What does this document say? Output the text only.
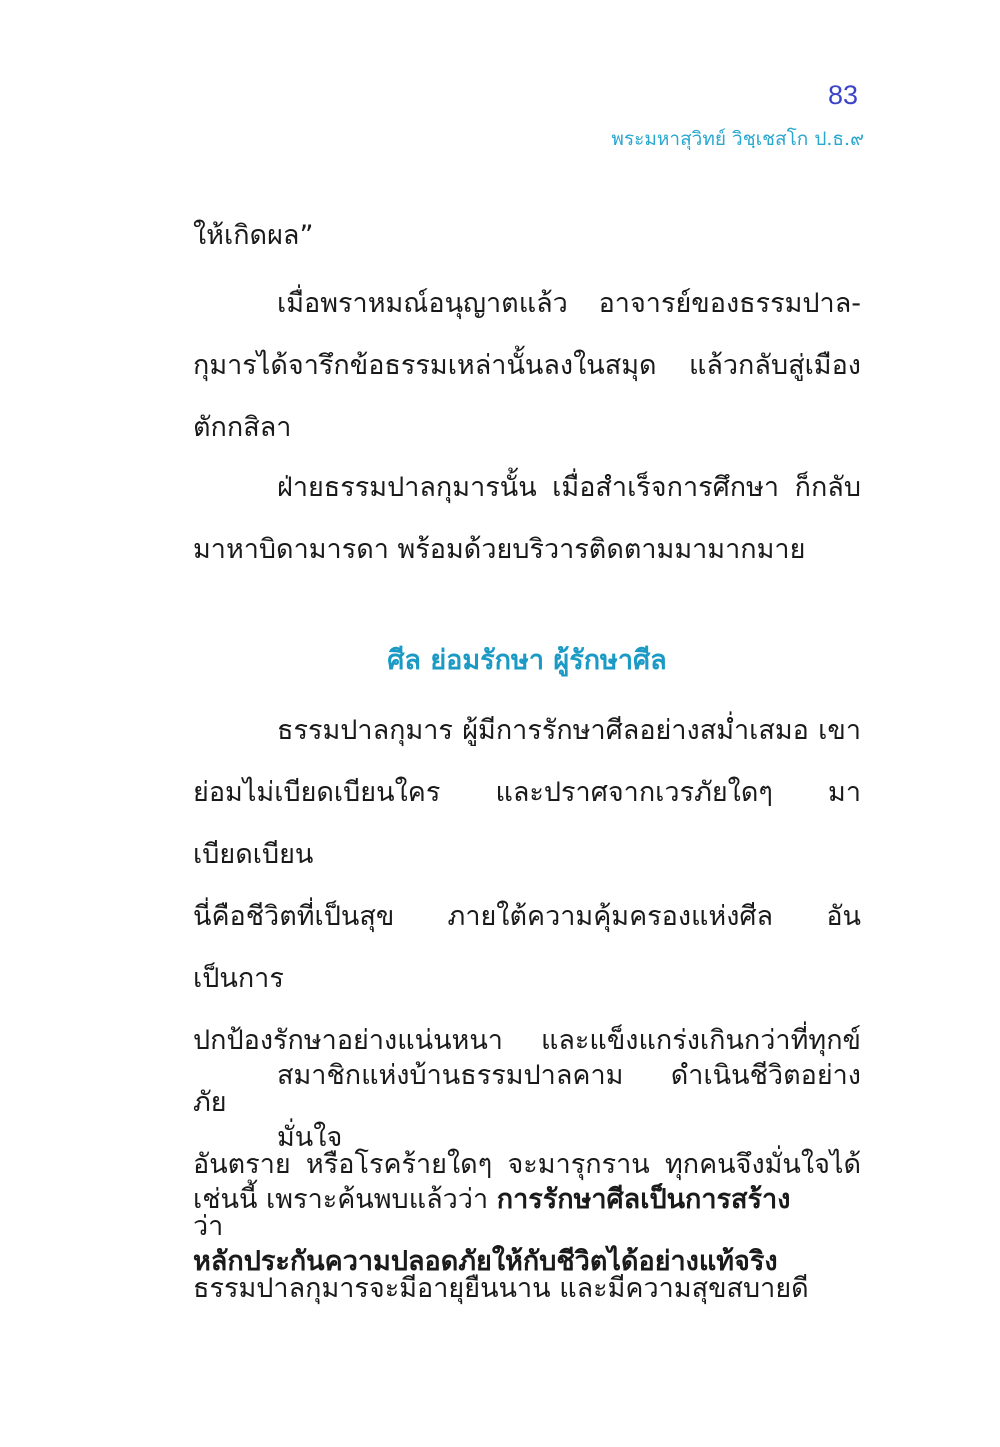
83
พระมหาสุวิทย์ วิชฺเชสโก ป.ธ.๙
ให้เกิดผล”
เมื่อพราหมณ์อนุญาตแล้ว อาจารย์ของธรรมปาล-
กุมารได้จารึกข้อธรรมเหล่านั้นลงในสมุด แล้วกลับสู่เมือง
ตักกสิลา
ฝ่ายธรรมปาลกุมารนั้น เมื่อสำเร็จการศึกษา ก็กลับ
มาหาบิดามารดา พร้อมด้วยบริวารติดตามมามากมาย
ศีล ย่อมรักษา ผู้รักษาศีล
ธรรมปาลกุมาร ผู้มีการรักษาศีลอย่างสม่ำเสมอ เขา
ย่อมไม่เบียดเบียนใคร และปราศจากเวรภัยใดๆ มาเบียดเบียน
นี่คือชีวิตที่เป็นสุข ภายใต้ความคุ้มครองแห่งศีล อันเป็นการ
ปกป้องรักษาอย่างแน่นหนา และแข็งแกร่งเกินกว่าที่ทุกข์ภัย
อันตราย หรือโรคร้ายใดๆ จะมารุกราน ทุกคนจึงมั่นใจได้ว่า
ธรรมปาลกุมารจะมีอายุยืนนาน และมีความสุขสบายดี
สมาชิกแห่งบ้านธรรมปาลคาม ดำเนินชีวิตอย่างมั่นใจ
เช่นนี้ เพราะค้นพบแล้วว่า การรักษาศีลเป็นการสร้าง
หลักประกันความปลอดภัยให้กับชีวิตได้อย่างแท้จริง
